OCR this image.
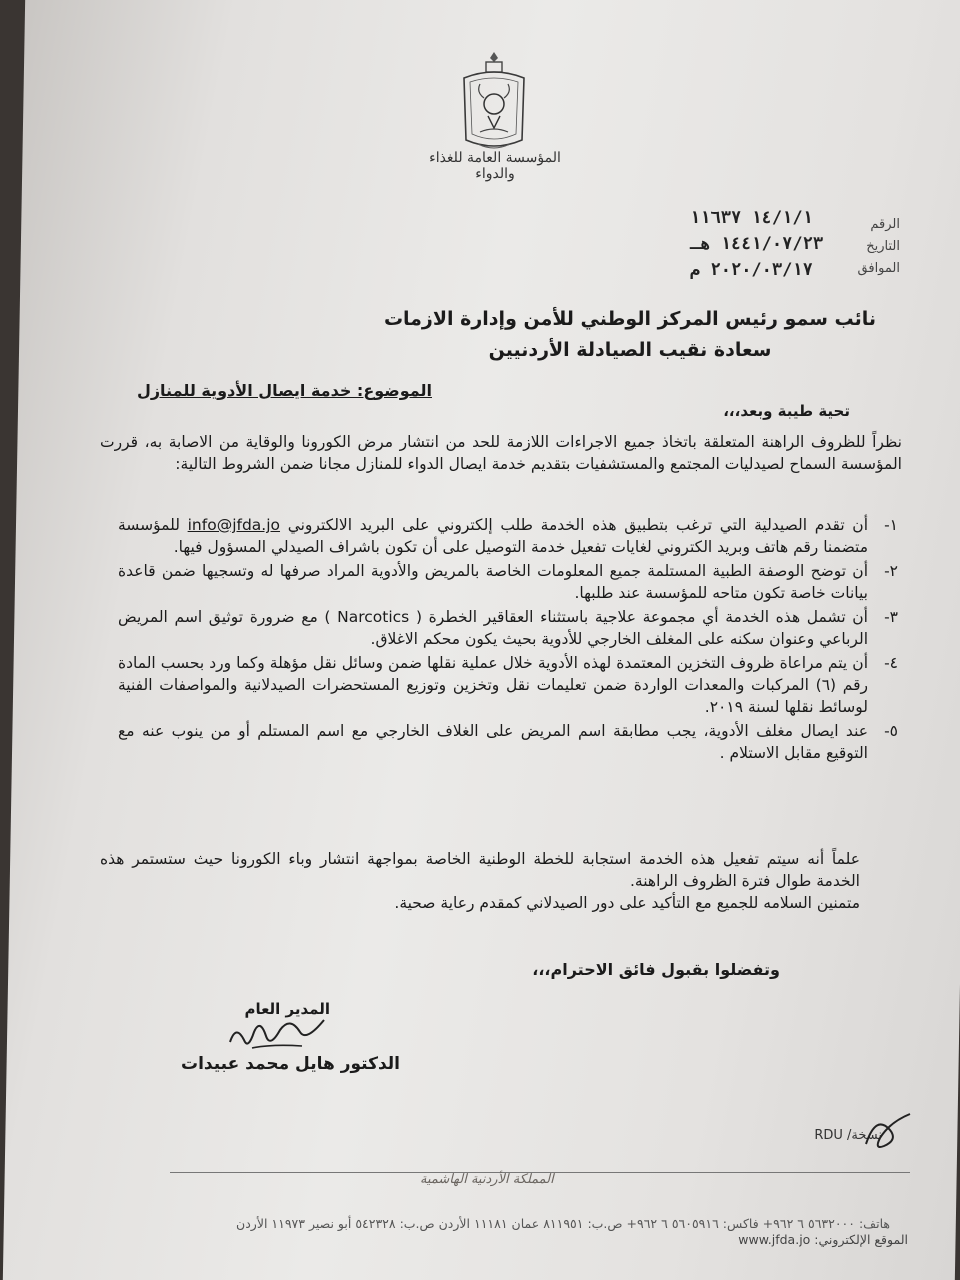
المؤسسة العامة للغذاء والدواء
١٤/١/١ ١١٦٣٧
١٤٤١/٠٧/٢٣ هـ
٢٠٢٠/٠٣/١٧ م
الرقم
التاريخ
الموافق
نائب سمو رئيس المركز الوطني للأمن وإدارة الازمات
سعادة نقيب الصيادلة الأردنيين
الموضوع: خدمة ايصال الأدوية للمنازل
تحية طيبة وبعد،،،
نظراً للظروف الراهنة المتعلقة باتخاذ جميع الاجراءات اللازمة للحد من انتشار مرض الكورونا والوقاية من الاصابة به، قررت المؤسسة السماح لصيدليات المجتمع والمستشفيات بتقديم خدمة ايصال الدواء للمنازل مجانا ضمن الشروط التالية:
١-
أن تقدم الصيدلية التي ترغب بتطبيق هذه الخدمة طلب إلكتروني على البريد الالكتروني info@jfda.jo للمؤسسة متضمنا رقم هاتف وبريد الكتروني لغايات تفعيل خدمة التوصيل على أن تكون باشراف الصيدلي المسؤول فيها.
٢-
أن توضح الوصفة الطبية المستلمة جميع المعلومات الخاصة بالمريض والأدوية المراد صرفها له وتسجيها ضمن قاعدة بيانات خاصة تكون متاحه للمؤسسة عند طلبها.
٣-
أن تشمل هذه الخدمة أي مجموعة علاجية باستثناء العقاقير الخطرة ( Narcotics ) مع ضرورة توثيق اسم المريض الرباعي وعنوان سكنه على المغلف الخارجي للأدوية بحيث يكون محكم الاغلاق.
٤-
أن يتم مراعاة ظروف التخزين المعتمدة لهذه الأدوية خلال عملية نقلها ضمن وسائل نقل مؤهلة وكما ورد بحسب المادة رقم (٦) المركبات والمعدات الواردة ضمن تعليمات نقل وتخزين وتوزيع المستحضرات الصيدلانية والمواصفات الفنية لوسائط نقلها لسنة ٢٠١٩.
٥-
عند ايصال مغلف الأدوية، يجب مطابقة اسم المريض على الغلاف الخارجي مع اسم المستلم أو من ينوب عنه مع التوقيع مقابل الاستلام .
علماً أنه سيتم تفعيل هذه الخدمة استجابة للخطة الوطنية الخاصة بمواجهة انتشار وباء الكورونا حيث ستستمر هذه الخدمة طوال فترة الظروف الراهنة.
متمنين السلامه للجميع مع التأكيد على دور الصيدلاني كمقدم رعاية صحية.
وتفضلوا بقبول فائق الاحترام،،،
المدير العام
الدكتور هايل محمد عبيدات
نسخة/ RDU
المملكة الأردنية الهاشمية
هاتف: ٥٦٣٢٠٠٠ ٦ ٩٦٢+ فاكس: ٥٦٠٥٩١٦ ٦ ٩٦٢+ ص.ب: ٨١١٩٥١ عمان ١١١٨١ الأردن ص.ب: ٥٤٢٣٢٨ أبو نصير ١١٩٧٣ الأردن
الموقع الإلكتروني: www.jfda.jo
